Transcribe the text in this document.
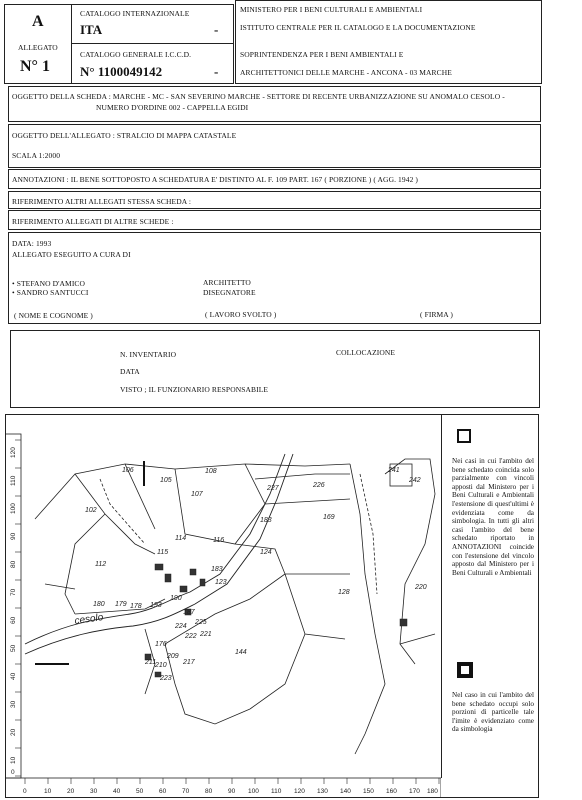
A
ALLEGATO
N° 1
CATALOGO INTERNAZIONALE
ITA	-
CATALOGO GENERALE I.C.C.D.
N° 1100049142	-
MINISTERO PER I BENI CULTURALI E AMBIENTALI
ISTITUTO CENTRALE PER IL CATALOGO E LA DOCUMENTAZIONE
SOPRINTENDENZA PER I BENI AMBIENTALI E
ARCHITETTONICI DELLE MARCHE - ANCONA - 03 MARCHE
OGGETTO DELLA SCHEDA : MARCHE - MC - SAN SEVERINO MARCHE - SETTORE DI RECENTE URBANIZZAZIONE SU ANOMALO CESOLO -
NUMERO D'ORDINE 002 - CAPPELLA EGIDI
OGGETTO DELL'ALLEGATO : STRALCIO DI MAPPA CATASTALE
SCALA 1:2000
ANNOTAZIONI : IL BENE SOTTOPOSTO A SCHEDATURA E' DISTINTO AL F. 109 PART. 167 ( PORZIONE ) ( AGG. 1942 )
RIFERIMENTO ALTRI ALLEGATI STESSA SCHEDA :
RIFERIMENTO ALLEGATI DI ALTRE SCHEDE :
DATA: 1993
ALLEGATO ESEGUITO A CURA DI
• STEFANO D'AMICO
• SANDRO SANTUCCI
ARCHITETTO
DISEGNATORE
( NOME E COGNOME )	( LAVORO SVOLTO )	( FIRMA )
N. INVENTARIO	COLLOCAZIONE
DATA
VISTO ; IL FUNZIONARIO RESPONSABILE
108
105
106
107
102
227	226
241
242
183	169
124
112
115
116
114
183
123
180 179 178 193
190
187
224
222
225
221
144
176
220
128
223
211
210
209
217
cesolo
120
110
100
90
80
70
60
50
40
30
20
10
0
0	10 20 30 40 50 60 70 80 90 100 110 120 130 140 150 160 170 180

Nei casi in cui l'ambito del bene schedato coincida solo parzialmente con vincoli apposti dal Ministero per i Beni Culturali e Ambientali l'estensione di quest'ultimi è evidenziata come da simbologia. In tutti gli altri casi l'ambito del bene schedato riportato in ANNOTAZIONI coincide con l'estensione del vincolo apposto dal Ministero per i Beni Culturali e Ambientali

Nel caso in cui l'ambito del bene schedato occupi solo porzioni di particelle tale l'imite è evidenziato come da simbologia
